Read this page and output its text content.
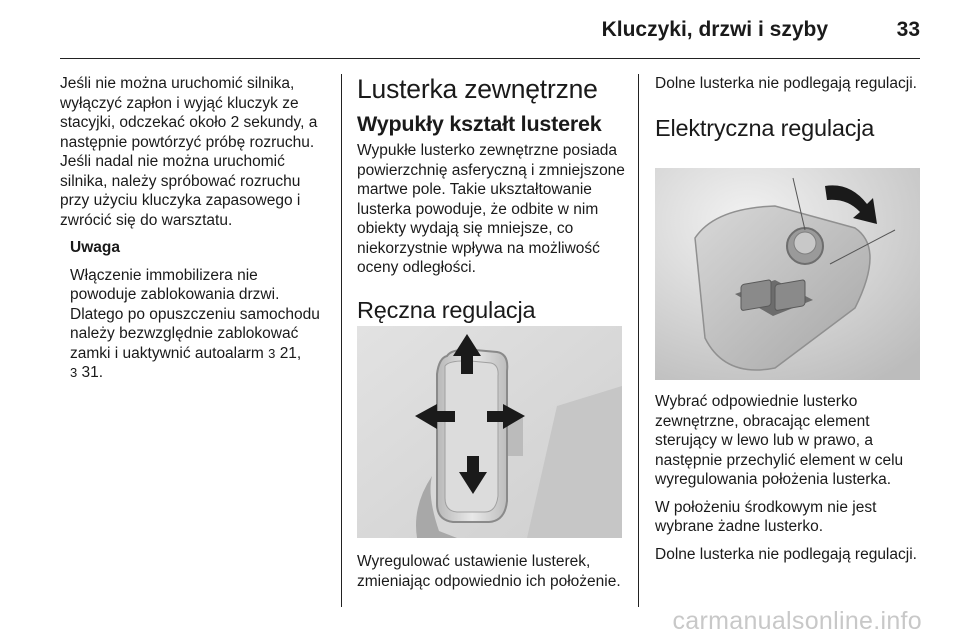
Kluczyki, drzwi i szyby	33

Jeśli nie można uruchomić silnika, wyłączyć zapłon i wyjąć kluczyk ze stacyjki, odczekać około 2 sekundy, a następnie powtórzyć próbę rozruchu. Jeśli nadal nie można uruchomić silnika, należy spróbować rozruchu przy użyciu kluczyka zapasowego i zwrócić się do warsztatu.

Uwaga

Włączenie immobilizera nie powoduje zablokowania drzwi. Dlatego po opuszczeniu samochodu należy bezwzględnie zablokować zamki i uaktywnić autoalarm 3 21,
3 31.

Lusterka zewnętrzne
Wypukły kształt lusterek

Wypukłe lusterko zewnętrzne posiada powierzchnię asferyczną i zmniejszone martwe pole. Takie ukształtowanie lusterka powoduje, że odbite w nim obiekty wydają się mniejsze, co niekorzystnie wpływa na możliwość oceny odległości.

Ręczna regulacja

Wyregulować ustawienie lusterek, zmieniając odpowiednio ich położenie.

Dolne lusterka nie podlegają regulacji.

Elektryczna regulacja

Wybrać odpowiednie lusterko zewnętrzne, obracając element sterujący w lewo lub w prawo, a następnie przechylić element w celu wyregulowania położenia lusterka.

W położeniu środkowym nie jest wybrane żadne lusterko.

Dolne lusterka nie podlegają regulacji.

carmanualsonline.info
